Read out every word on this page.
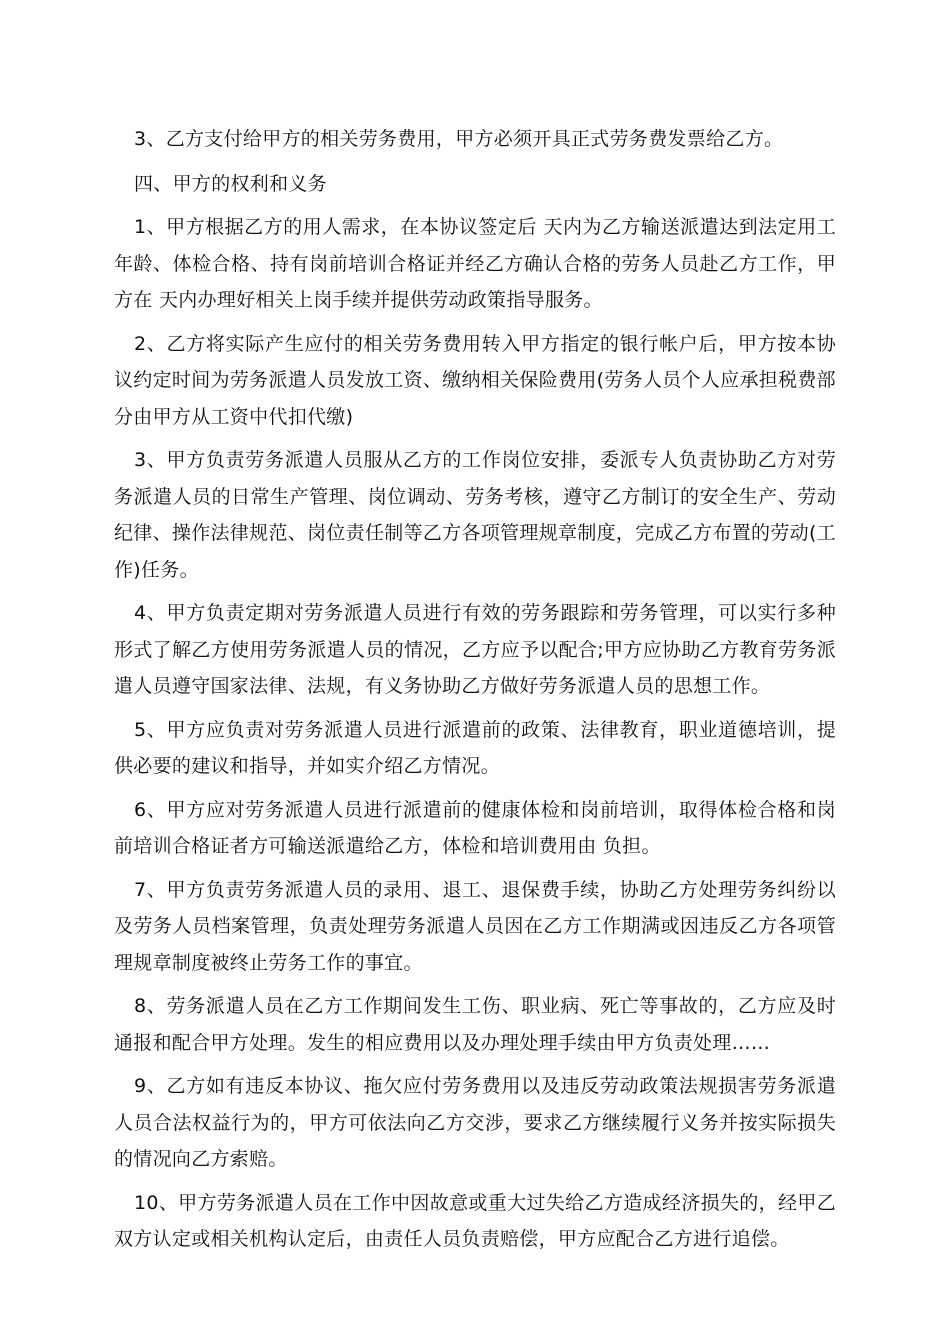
3、乙方支付给甲方的相关劳务费用，甲方必须开具正式劳务费发票给乙方。

四、甲方的权利和义务

1、甲方根据乙方的用人需求，在本协议签定后 天内为乙方输送派遣达到法定用工年龄、体检合格、持有岗前培训合格证并经乙方确认合格的劳务人员赴乙方工作，甲方在 天内办理好相关上岗手续并提供劳动政策指导服务。

2、乙方将实际产生应付的相关劳务费用转入甲方指定的银行帐户后，甲方按本协议约定时间为劳务派遣人员发放工资、缴纳相关保险费用(劳务人员个人应承担税费部分由甲方从工资中代扣代缴)

3、甲方负责劳务派遣人员服从乙方的工作岗位安排，委派专人负责协助乙方对劳务派遣人员的日常生产管理、岗位调动、劳务考核，遵守乙方制订的安全生产、劳动纪律、操作法律规范、岗位责任制等乙方各项管理规章制度，完成乙方布置的劳动(工作)任务。

4、甲方负责定期对劳务派遣人员进行有效的劳务跟踪和劳务管理，可以实行多种形式了解乙方使用劳务派遣人员的情况，乙方应予以配合;甲方应协助乙方教育劳务派遣人员遵守国家法律、法规，有义务协助乙方做好劳务派遣人员的思想工作。

5、甲方应负责对劳务派遣人员进行派遣前的政策、法律教育，职业道德培训，提供必要的建议和指导，并如实介绍乙方情况。

6、甲方应对劳务派遣人员进行派遣前的健康体检和岗前培训，取得体检合格和岗前培训合格证者方可输送派遣给乙方，体检和培训费用由 负担。

7、甲方负责劳务派遣人员的录用、退工、退保费手续，协助乙方处理劳务纠纷以及劳务人员档案管理，负责处理劳务派遣人员因在乙方工作期满或因违反乙方各项管理规章制度被终止劳务工作的事宜。

8、劳务派遣人员在乙方工作期间发生工伤、职业病、死亡等事故的，乙方应及时通报和配合甲方处理。发生的相应费用以及办理处理手续由甲方负责处理……

9、乙方如有违反本协议、拖欠应付劳务费用以及违反劳动政策法规损害劳务派遣人员合法权益行为的，甲方可依法向乙方交涉，要求乙方继续履行义务并按实际损失的情况向乙方索赔。

10、甲方劳务派遣人员在工作中因故意或重大过失给乙方造成经济损失的，经甲乙双方认定或相关机构认定后，由责任人员负责赔偿，甲方应配合乙方进行追偿。
